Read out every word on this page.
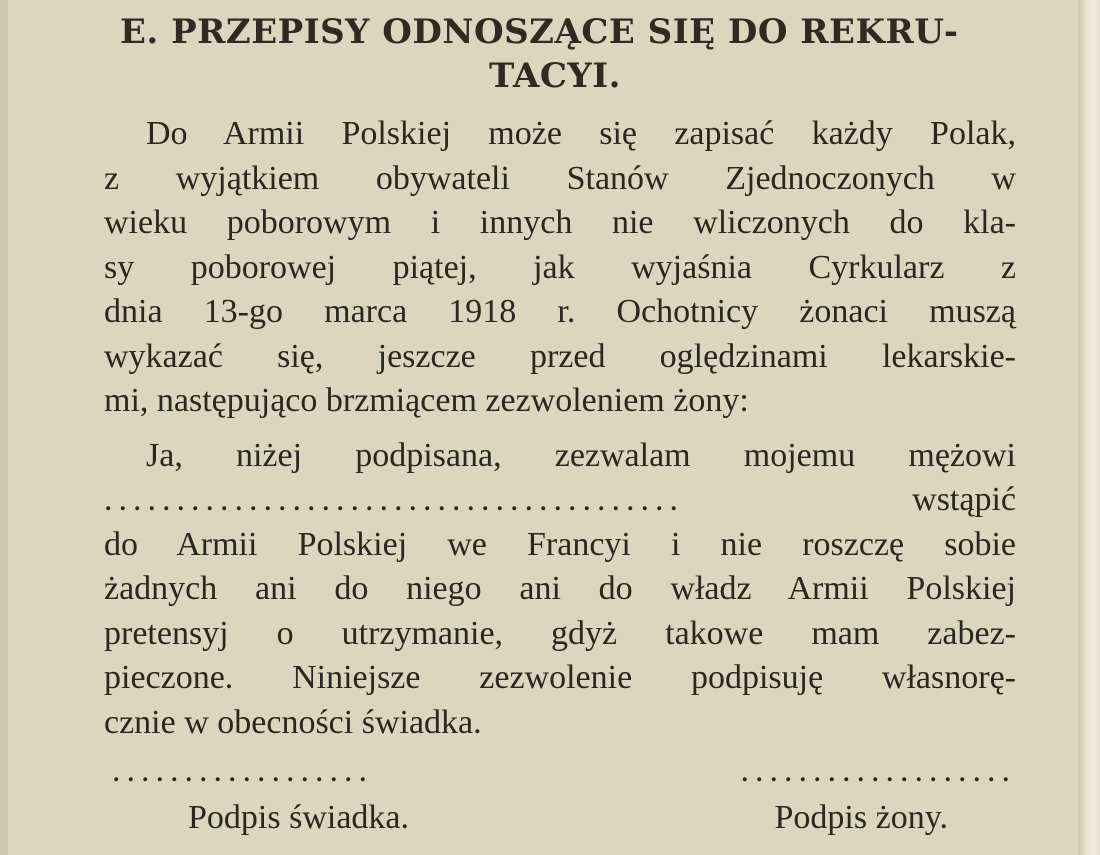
E. PRZEPISY ODNOSZĄCE SIĘ DO REKRU-
TACYI.
Do Armii Polskiej może się zapisać każdy Polak,
z wyjątkiem obywateli Stanów Zjednoczonych w
wieku poborowym i innych nie wliczonych do kla-
sy poborowej piątej, jak wyjaśnia Cyrkularz z
dnia 13-go marca 1918 r. Ochotnicy żonaci muszą
wykazać się, jeszcze przed oględzinami lekarskie-
mi, następująco brzmiącem zezwoleniem żony:
Ja, niżej podpisana, zezwalam mojemu mężowi
........................................	wstąpić
do Armii Polskiej we Francyi i nie roszczę sobie
żadnych ani do niego ani do władz Armii Polskiej
pretensyj o utrzymanie, gdyż takowe mam zabez-
pieczone. Niniejsze zezwolenie podpisuję własnorę-
cznie w obecności świadka.
..................	...................
Podpis świadka.	Podpis żony.
